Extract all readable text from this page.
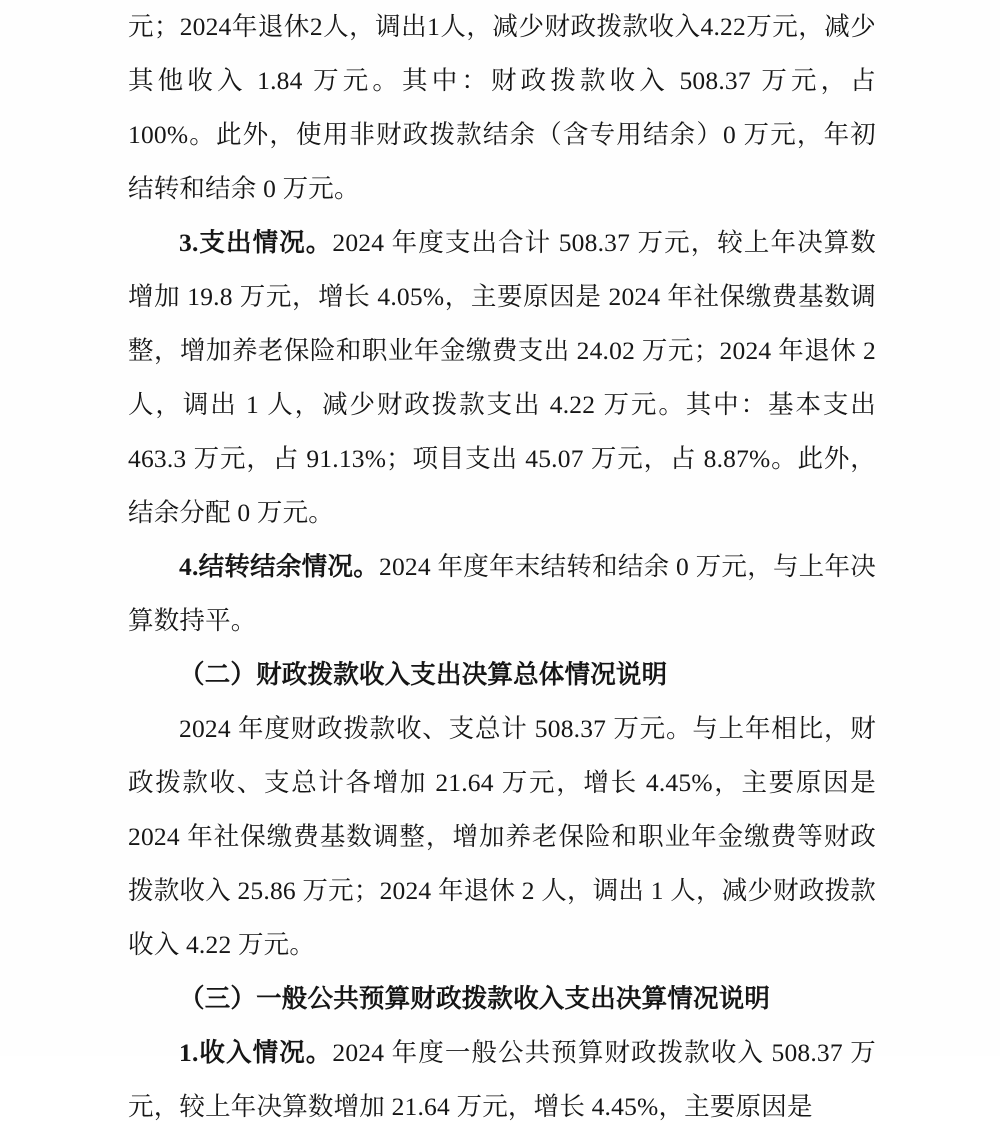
元；2024年退休2人，调出1人，减少财政拨款收入4.22万元，减少其他收入 1.84 万元。其中：财政拨款收入 508.37 万元，占 100%。此外，使用非财政拨款结余（含专用结余）0 万元，年初结转和结余 0 万元。

3.支出情况。2024 年度支出合计 508.37 万元，较上年决算数增加 19.8 万元，增长 4.05%，主要原因是 2024 年社保缴费基数调整，增加养老保险和职业年金缴费支出 24.02 万元；2024 年退休 2 人，调出 1 人，减少财政拨款支出 4.22 万元。其中：基本支出 463.3 万元，占 91.13%；项目支出 45.07 万元，占 8.87%。此外，结余分配 0 万元。

4.结转结余情况。2024 年度年末结转和结余 0 万元，与上年决算数持平。

（二）财政拨款收入支出决算总体情况说明

2024 年度财政拨款收、支总计 508.37 万元。与上年相比，财政拨款收、支总计各增加 21.64 万元，增长 4.45%，主要原因是 2024 年社保缴费基数调整，增加养老保险和职业年金缴费等财政拨款收入 25.86 万元；2024 年退休 2 人，调出 1 人，减少财政拨款收入 4.22 万元。

（三）一般公共预算财政拨款收入支出决算情况说明

1.收入情况。2024 年度一般公共预算财政拨款收入 508.37 万元，较上年决算数增加 21.64 万元，增长 4.45%，主要原因是
